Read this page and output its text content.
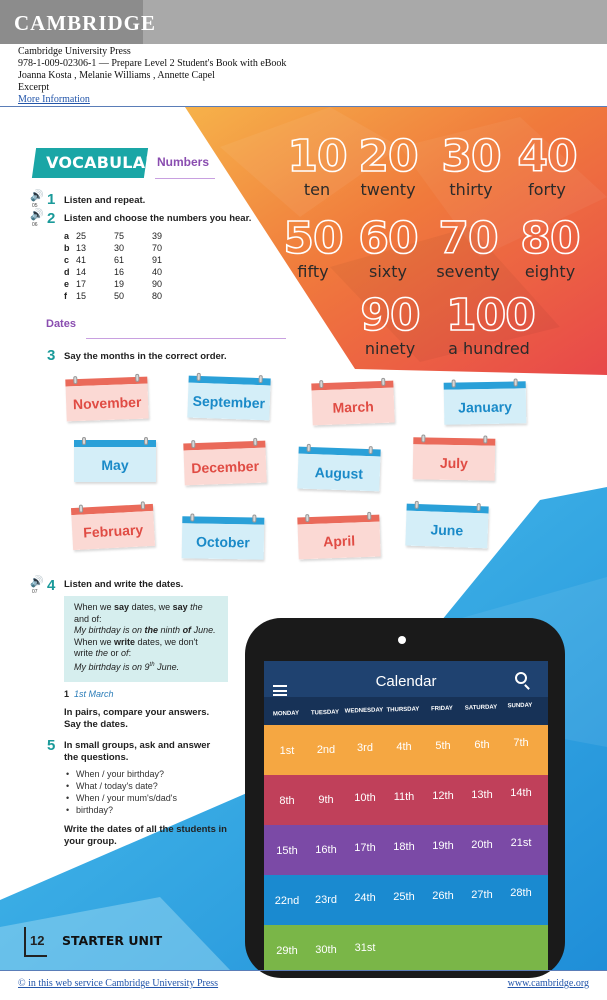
CAMBRIDGE
Cambridge University Press
978-1-009-02306-1 — Prepare Level 2 Student's Book with eBook
Joanna Kosta , Melanie Williams , Annette Capel
Excerpt
More Information
10
ten
20
twenty
30
thirty
40
forty
50
fifty
60
sixty
70
seventy
80
eighty
90
ninety
100
a hundred
VOCABULARY
Numbers
🔊
05 1 Listen and repeat.
🔊
06 2 Listen and choose the numbers you hear.
a 25	75	39
b 13	30	70
c 41	61	91
d 14	16	40
e 17	19	90
f 15	50	80
Dates
3 Say the months in the correct order.
November	September	March	January
May	December	August
July
February
October	April
June
🔊
07 4 Listen and write the dates.
When we say dates, we say the
and of:
My birthday is on the ninth of June.
When we write dates, we don't
write the or of:
My birthday is on 9th June.
1 1st March
In pairs, compare your answers.
Say the dates.
5 In small groups, ask and answer the questions.
• When / your birthday?
• What / today's date?
• When / your mum's/dad's
• birthday?
Write the dates of all the students in
your group.
Calendar
MONDAY	TUESDAY WEDNESDAY THURSDAY	FRIDAY	SATURDAY	SUNDAY
1st	2nd	3rd	4th	5th	6th	7th
8th	9th	10th	11th	12th	13th	14th
15th	16th	17th	18th	19th	20th	21st
22nd	23rd	24th	25th	26th	27th	28th
29th	30th	31st
12 STARTER UNIT
© in this web service Cambridge University Press	www.cambridge.org
